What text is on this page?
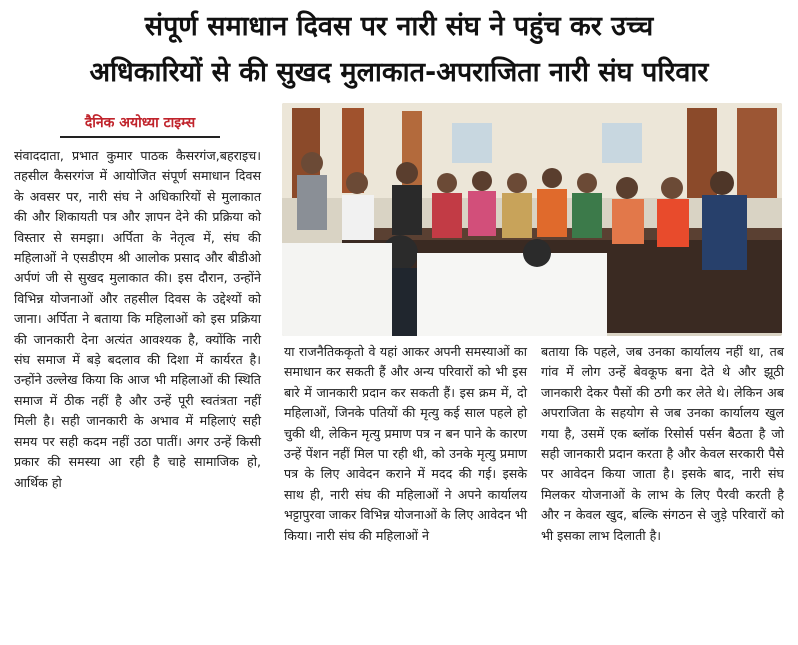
संपूर्ण समाधान दिवस पर नारी संघ ने पहुंच कर उच्च
अधिकारियों से की सुखद मुलाकात-अपराजिता नारी संघ परिवार
दैनिक अयोध्या टाइम्स

संवाददाता, प्रभात कुमार पाठक कैसरगंज,बहराइच। तहसील कैसरगंज में आयोजित संपूर्ण समाधान दिवस के अवसर पर, नारी संघ ने अधिकारियों से मुलाकात की और शिकायती पत्र और ज्ञापन देने की प्रक्रिया को विस्तार से समझा। अर्पिता के नेतृत्व में, संघ की महिलाओं ने एसडीएम श्री आलोक प्रसाद और बीडीओ अर्पणं जी से सुखद मुलाकात की। इस दौरान, उन्होंने विभिन्न योजनाओं और तहसील दिवस के उद्देश्यों को जाना। अर्पिता ने बताया कि महिलाओं को इस प्रक्रिया की जानकारी देना अत्यंत आवश्यक है, क्योंकि नारी संघ समाज में बड़े बदलाव की दिशा में कार्यरत है। उन्होंने उल्लेख किया कि आज भी महिलाओं की स्थिति समाज में ठीक नहीं है और उन्हें पूरी स्वतंत्रता नहीं मिली है। सही जानकारी के अभाव में महिलाएं सही समय पर सही कदम नहीं उठा पातीं। अगर उन्हें किसी प्रकार की समस्या आ रही है चाहे सामाजिक हो, आर्थिक हो

या राजनैतिककृतो वे यहां आकर अपनी समस्याओं का समाधान कर सकती हैं और अन्य परिवारों को भी इस बारे में जानकारी प्रदान कर सकती हैं। इस क्रम में, दो महिलाओं, जिनके पतियों की मृत्यु कई साल पहले हो चुकी थी, लेकिन मृत्यु प्रमाण पत्र न बन पाने के कारण उन्हें पेंशन नहीं मिल पा रही थी, को उनके मृत्यु प्रमाण पत्र के लिए आवेदन कराने में मदद की गई। इसके साथ ही, नारी संघ की महिलाओं ने अपने कार्यालय भट्टापुरवा जाकर विभिन्न योजनाओं के लिए आवेदन भी किया। नारी संघ की महिलाओं ने

बताया कि पहले, जब उनका कार्यालय नहीं था, तब गांव में लोग उन्हें बेवकूफ बना देते थे और झूठी जानकारी देकर पैसों की ठगी कर लेते थे। लेकिन अब अपराजिता के सहयोग से जब उनका कार्यालय खुल गया है, उसमें एक ब्लॉक रिसोर्स पर्सन बैठता है जो सही जानकारी प्रदान करता है और केवल सरकारी पैसे पर आवेदन किया जाता है। इसके बाद, नारी संघ मिलकर योजनाओं के लाभ के लिए पैरवी करती है और न केवल खुद, बल्कि संगठन से जुड़े परिवारों को भी इसका लाभ दिलाती है।
